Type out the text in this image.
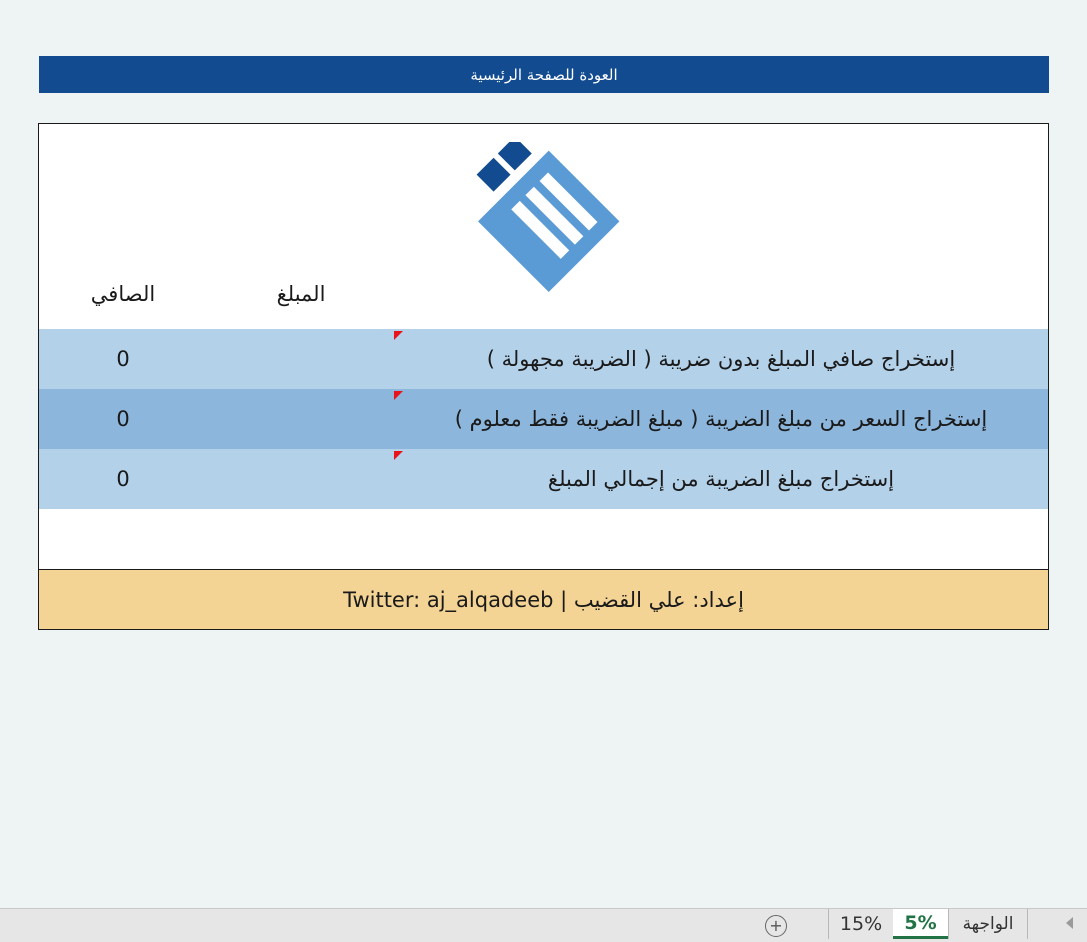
العودة للصفحة الرئيسية
المبلغ
الصافي
إستخراج صافي المبلغ بدون ضريبة ( الضريبة مجهولة )
0
إستخراج السعر من مبلغ الضريبة ( مبلغ الضريبة فقط معلوم )
0
إستخراج مبلغ الضريبة من إجمالي المبلغ
0
إعداد: علي القضيب | Twitter: aj_alqadeeb
الواجهة
5%
15%
+
